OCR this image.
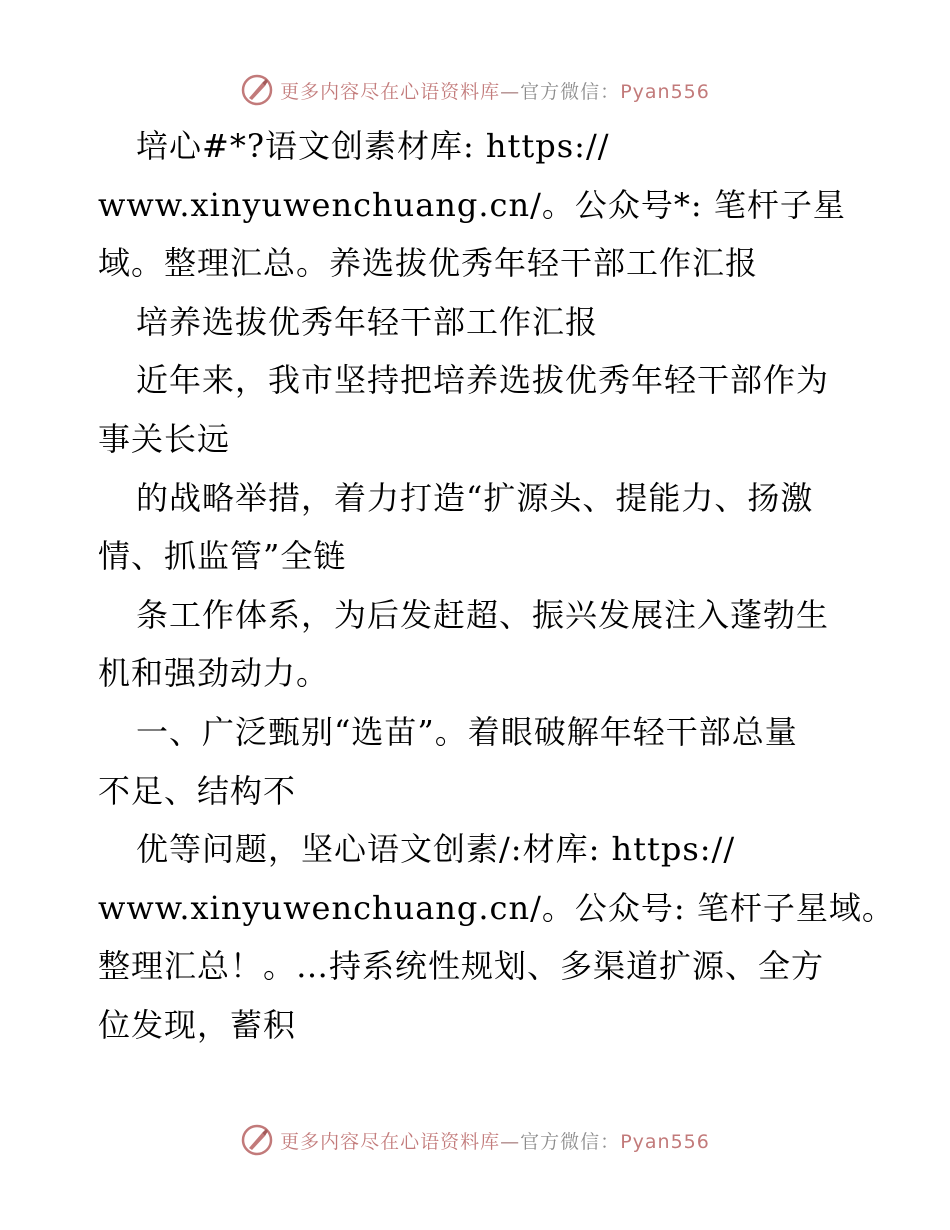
更多内容尽在心语资料库—官方微信：Pyan556
培心#*?语文创素材库: https://
www.xinyuwenchuang.cn/。公众号*: 笔杆子星
域。整理汇总。养选拔优秀年轻干部工作汇报
培养选拔优秀年轻干部工作汇报
近年来，我市坚持把培养选拔优秀年轻干部作为
事关长远
的战略举措，着力打造“扩源头、提能力、扬激
情、抓监管”全链
条工作体系，为后发赶超、振兴发展注入蓬勃生
机和强劲动力。
一、广泛甄别“选苗”。着眼破解年轻干部总量
不足、结构不
优等问题，坚心语文创素/:材库: https://
www.xinyuwenchuang.cn/。公众号: 笔杆子星域。
整理汇总！。…持系统性规划、多渠道扩源、全方
位发现，蓄积
更多内容尽在心语资料库—官方微信：Pyan556
